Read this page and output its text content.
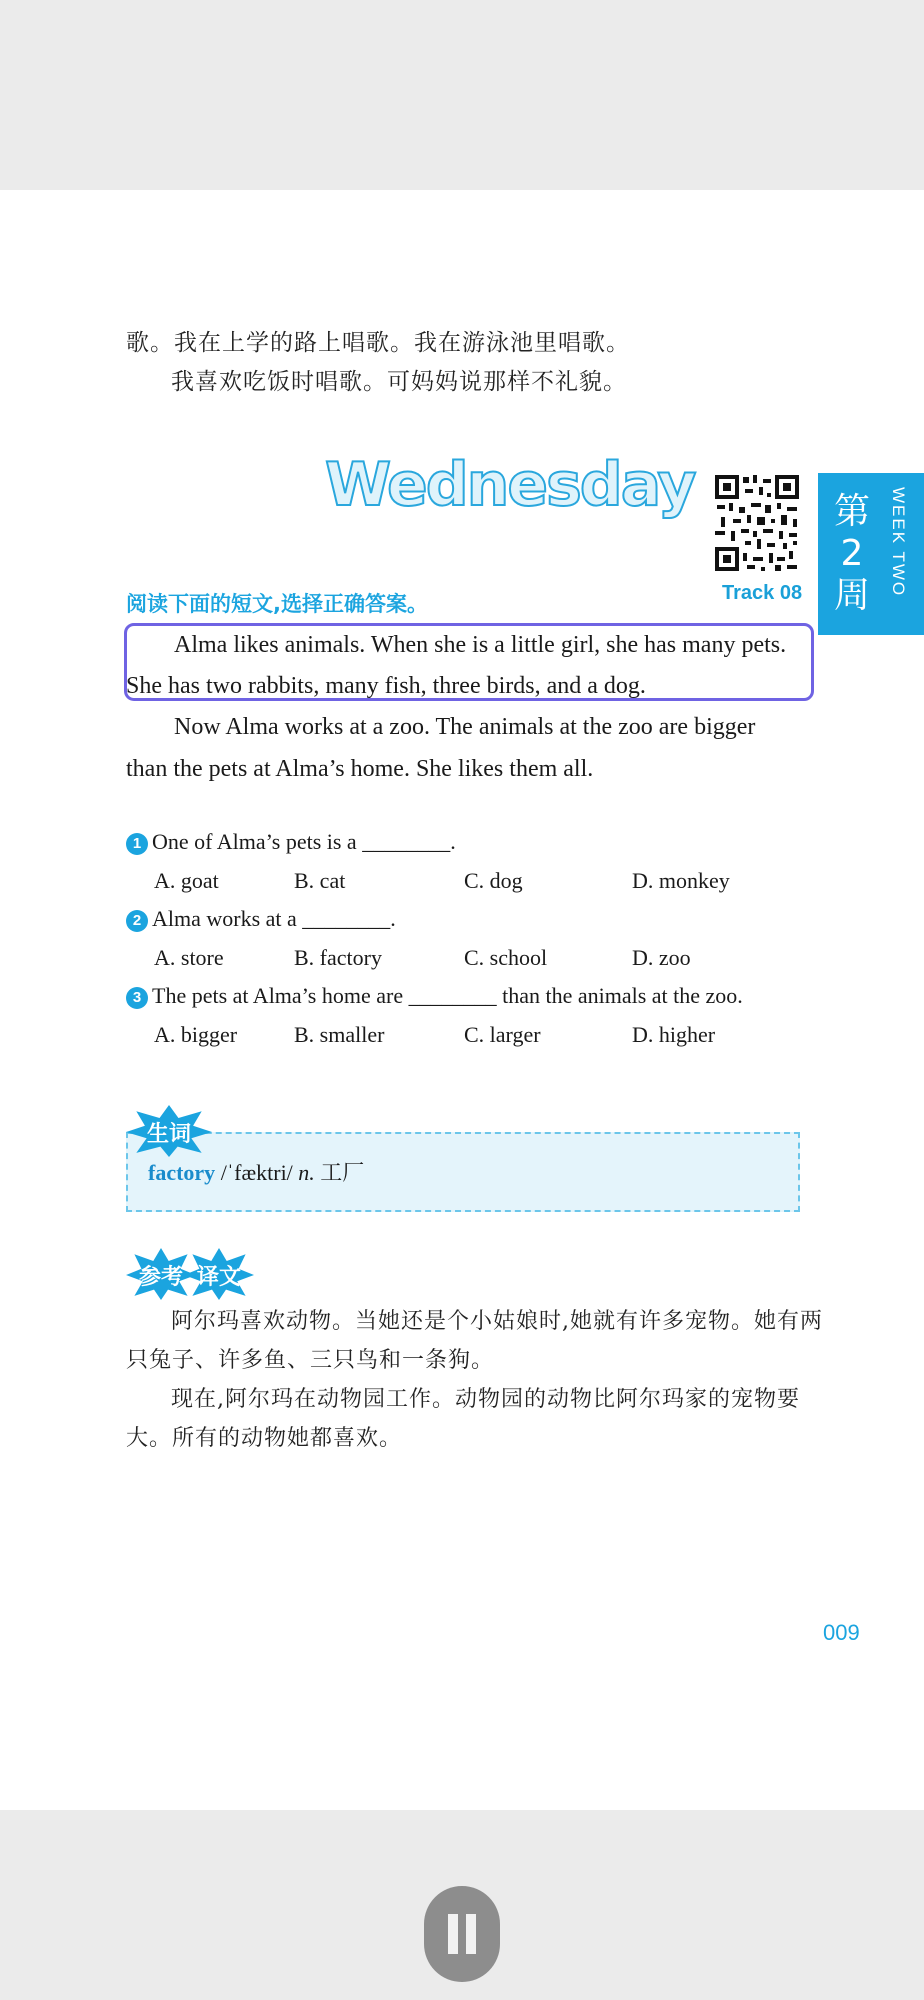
歌。我在上学的路上唱歌。我在游泳池里唱歌。
我喜欢吃饭时唱歌。可妈妈说那样不礼貌。
Wednesday
Track 08
第2周	WEEK TWO
阅读下面的短文,选择正确答案。
Alma likes animals. When she is a little girl, she has many pets.
She has two rabbits, many fish, three birds, and a dog.
Now Alma works at a zoo. The animals at the zoo are bigger
than the pets at Alma’s home. She likes them all.
1 One of Alma’s pets is a ________.
A. goat	B. cat	C. dog	D. monkey
2 Alma works at a ________.
A. store	B. factory	C. school	D. zoo
3 The pets at Alma’s home are ________ than the animals at the zoo.
A. bigger	B. smaller	C. larger	D. higher
factory /ˈfæktri/ n. 工厂
生词
参考 译文
阿尔玛喜欢动物。当她还是个小姑娘时,她就有许多宠物。她有两
只兔子、许多鱼、三只鸟和一条狗。
现在,阿尔玛在动物园工作。动物园的动物比阿尔玛家的宠物要
大。所有的动物她都喜欢。
009
